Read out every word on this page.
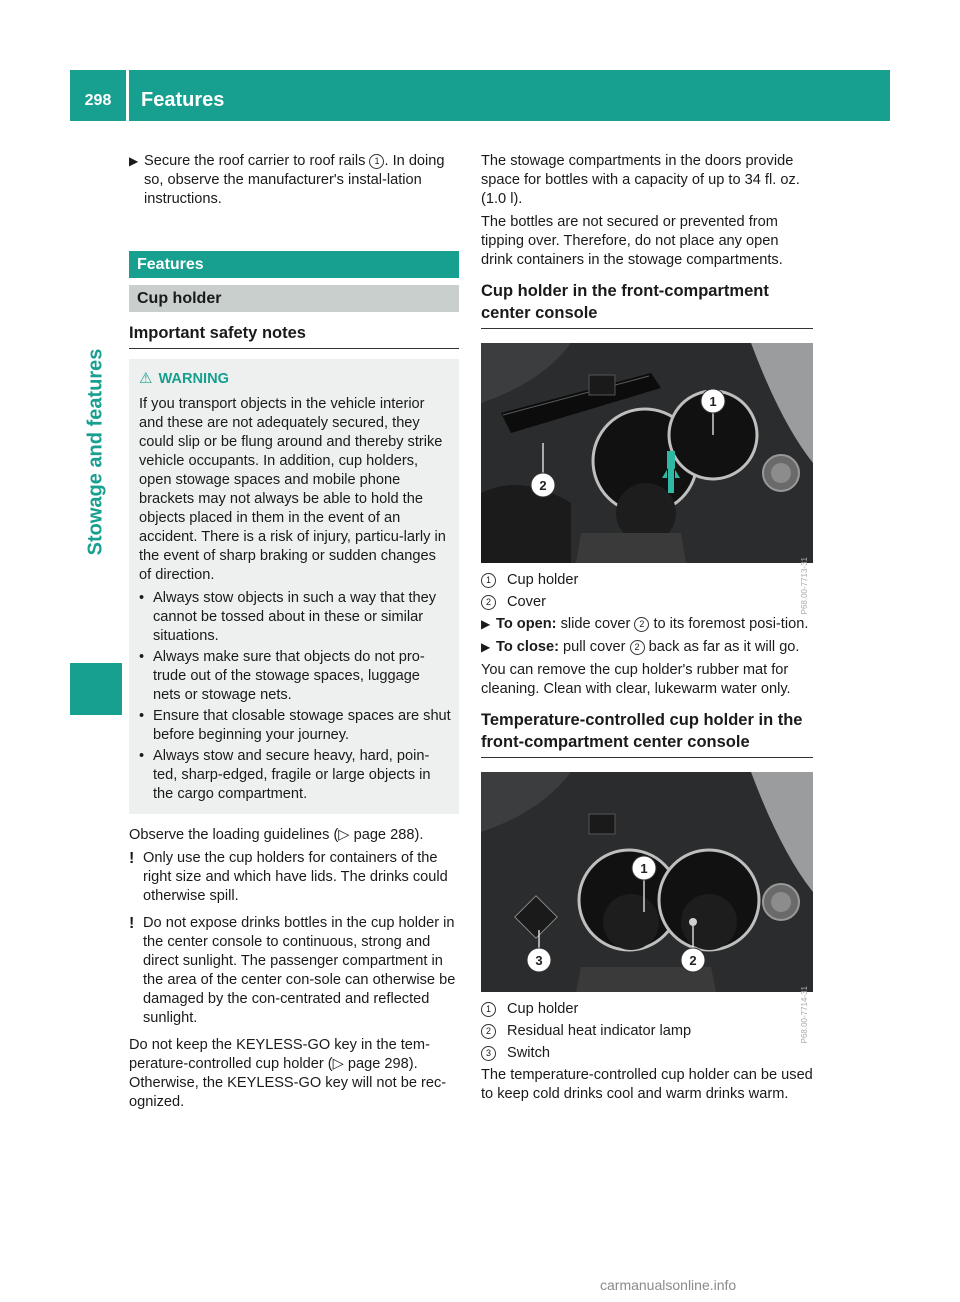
298	Features
Stowage and features

▶ Secure the roof carrier to roof rails 1 . In doing so, observe the manufacturer's instal-lation instructions.

Features
Cup holder
Important safety notes
⚠ WARNING

If you transport objects in the vehicle interior and these are not adequately secured, they could slip or be flung around and thereby strike vehicle occupants. In addition, cup holders, open stowage spaces and mobile phone brackets may not always be able to hold the objects placed in them in the event of an accident. There is a risk of injury, particu-larly in the event of sharp braking or sudden changes of direction.

• Always stow objects in such a way that they cannot be tossed about in these or similar situations.
• Always make sure that objects do not pro-trude out of the stowage spaces, luggage nets or stowage nets.
• Ensure that closable stowage spaces are shut before beginning your journey.
• Always stow and secure heavy, hard, poin-ted, sharp-edged, fragile or large objects in the cargo compartment.

Observe the loading guidelines (▷ page 288).

! Only use the cup holders for containers of the right size and which have lids. The drinks could otherwise spill.
! Do not expose drinks bottles in the cup holder in the center console to continuous, strong and direct sunlight. The passenger compartment in the area of the center con-sole can otherwise be damaged by the con-centrated and reflected sunlight.

Do not keep the KEYLESS-GO key in the tem-perature-controlled cup holder (▷ page 298). Otherwise, the KEYLESS-GO key will not be rec-ognized.

The stowage compartments in the doors provide space for bottles with a capacity of up to 34 fl. oz. (1.0 l).

The bottles are not secured or prevented from tipping over. Therefore, do not place any open drink containers in the stowage compartments.

Cup holder in the front-compartment center console
1
2
P68.00-7713-31
1	Cup holder
2	Cover

▶ To open: slide cover 2 to its foremost posi-tion.

▶ To close: pull cover 2 back as far as it will go.

You can remove the cup holder's rubber mat for cleaning. Clean with clear, lukewarm water only.

Temperature-controlled cup holder in the front-compartment center console
1
2
3
P68.00-7714-31
1	Cup holder
2	Residual heat indicator lamp
3	Switch

The temperature-controlled cup holder can be used to keep cold drinks cool and warm drinks warm.

carmanualsonline.info
